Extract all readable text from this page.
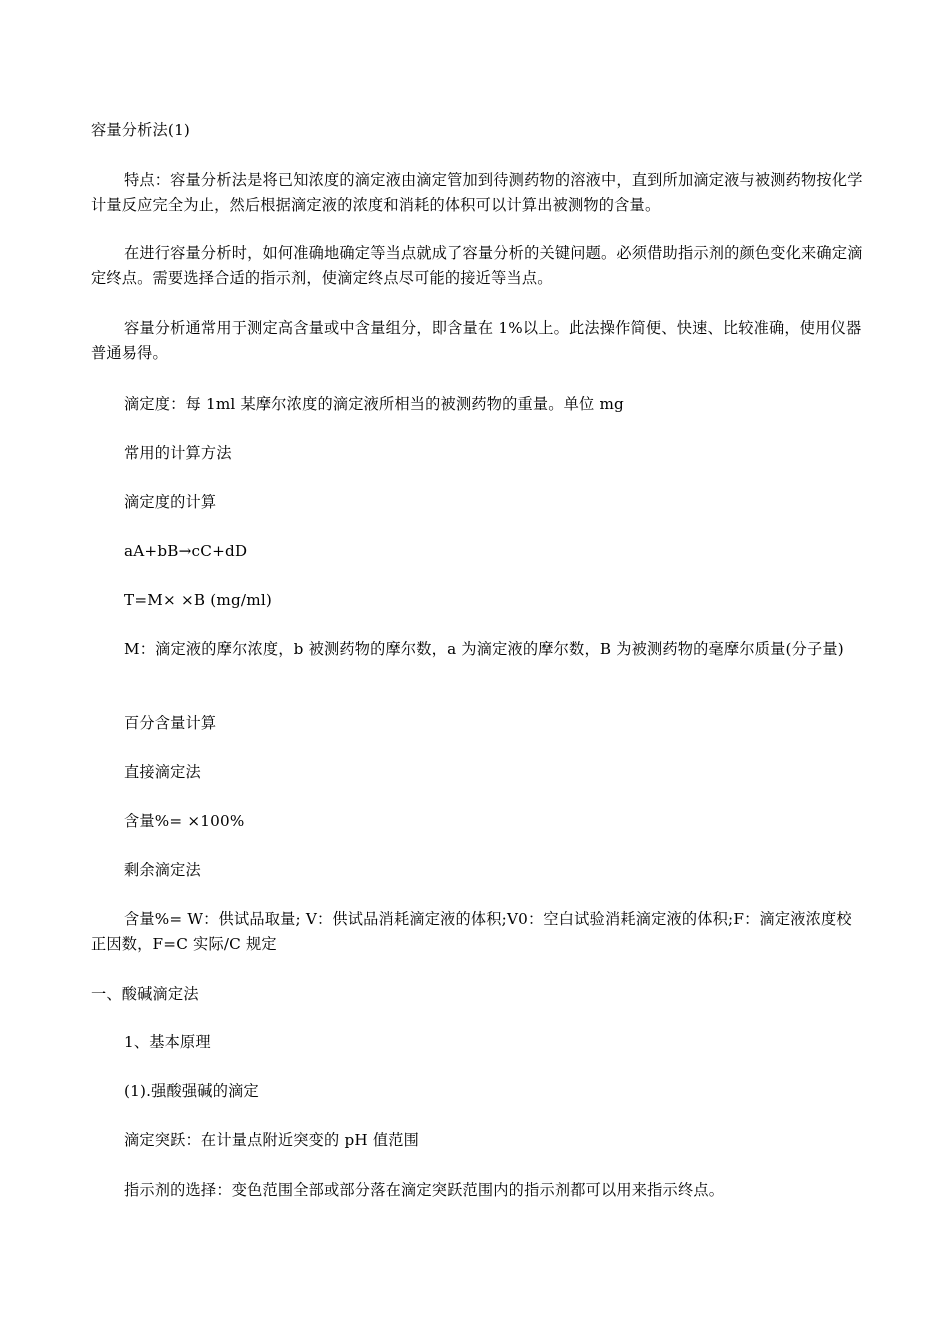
容量分析法(1)

特点：容量分析法是将已知浓度的滴定液由滴定管加到待测药物的溶液中，直到所加滴定液与被测药物按化学计量反应完全为止，然后根据滴定液的浓度和消耗的体积可以计算出被测物的含量。

在进行容量分析时，如何准确地确定等当点就成了容量分析的关键问题。必须借助指示剂的颜色变化来确定滴定终点。需要选择合适的指示剂，使滴定终点尽可能的接近等当点。

容量分析通常用于测定高含量或中含量组分，即含量在 1%以上。此法操作简便、快速、比较准确，使用仪器普通易得。

滴定度：每 1ml 某摩尔浓度的滴定液所相当的被测药物的重量。单位 mg

常用的计算方法

滴定度的计算

aA+bB→cC+dD

T=M× ×B (mg/ml)

M：滴定液的摩尔浓度，b 被测药物的摩尔数，a 为滴定液的摩尔数，B 为被测药物的毫摩尔质量(分子量)

百分含量计算

直接滴定法

含量%= ×100%

剩余滴定法

含量%= W：供试品取量; V：供试品消耗滴定液的体积;V0：空白试验消耗滴定液的体积;F：滴定液浓度校正因数，F=C 实际/C 规定

一、酸碱滴定法

1、基本原理

(1).强酸强碱的滴定

滴定突跃：在计量点附近突变的 pH 值范围

指示剂的选择：变色范围全部或部分落在滴定突跃范围内的指示剂都可以用来指示终点。
